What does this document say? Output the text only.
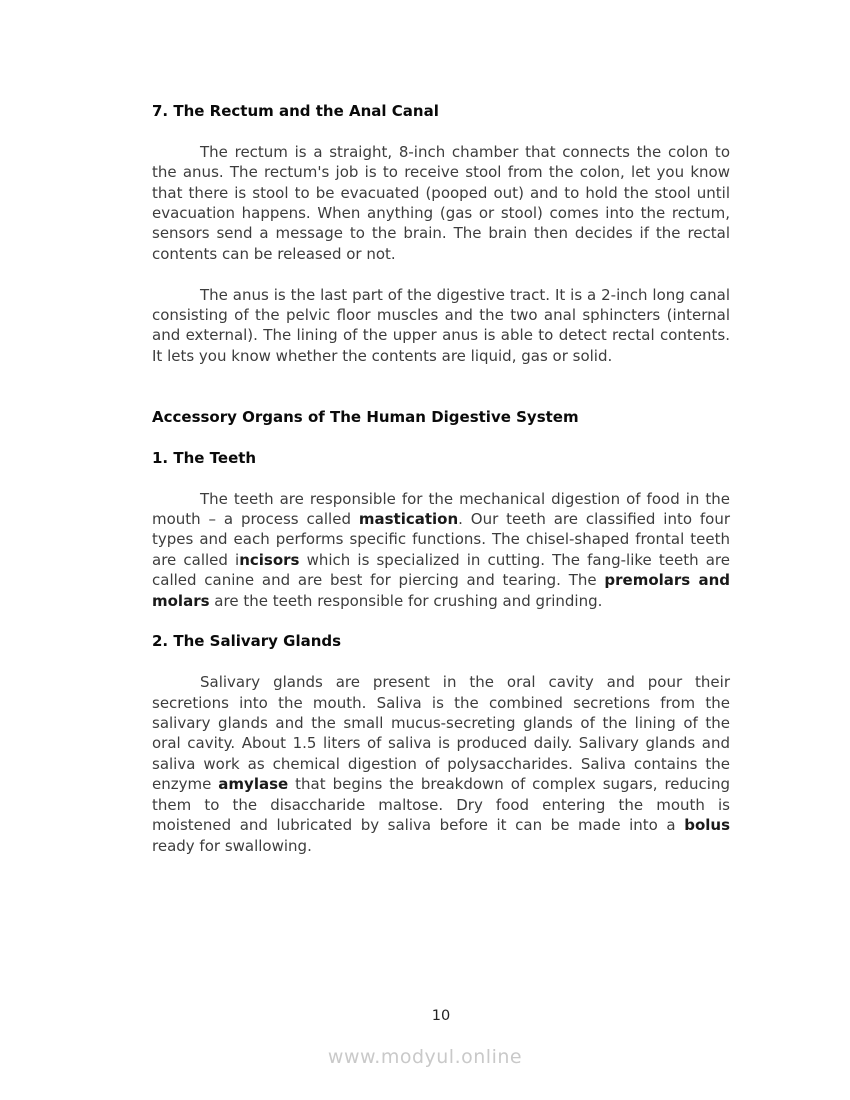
7. The Rectum and the Anal Canal

The rectum is a straight, 8-inch chamber that connects the colon to the anus. The rectum's job is to receive stool from the colon, let you know that there is stool to be evacuated (pooped out) and to hold the stool until evacuation happens. When anything (gas or stool) comes into the rectum, sensors send a message to the brain. The brain then decides if the rectal contents can be released or not.

The anus is the last part of the digestive tract. It is a 2-inch long canal consisting of the pelvic floor muscles and the two anal sphincters (internal and external). The lining of the upper anus is able to detect rectal contents. It lets you know whether the contents are liquid, gas or solid.

Accessory Organs of The Human Digestive System
1. The Teeth

The teeth are responsible for the mechanical digestion of food in the mouth – a process called mastication. Our teeth are classified into four types and each performs specific functions. The chisel-shaped frontal teeth are called incisors which is specialized in cutting. The fang-like teeth are called canine and are best for piercing and tearing. The premolars and molars are the teeth responsible for crushing and grinding.

2. The Salivary Glands

Salivary glands are present in the oral cavity and pour their secretions into the mouth. Saliva is the combined secretions from the salivary glands and the small mucus-secreting glands of the lining of the oral cavity. About 1.5 liters of saliva is produced daily. Salivary glands and saliva work as chemical digestion of polysaccharides. Saliva contains the enzyme amylase that begins the breakdown of complex sugars, reducing them to the disaccharide maltose. Dry food entering the mouth is moistened and lubricated by saliva before it can be made into a bolus ready for swallowing.

10
www.modyul.online
